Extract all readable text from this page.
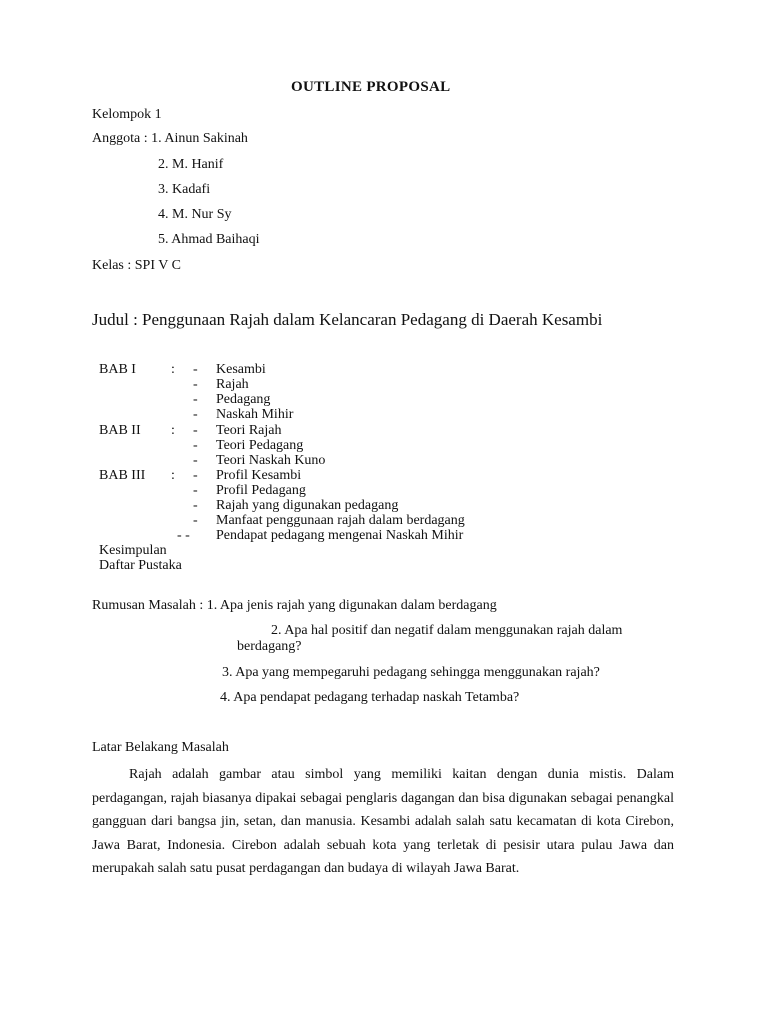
OUTLINE PROPOSAL
Kelompok 1
Anggota : 1. Ainun Sakinah
2. M. Hanif
3. Kadafi
4. M. Nur Sy
5. Ahmad Baihaqi
Kelas : SPI V C
Judul : Penggunaan Rajah dalam Kelancaran Pedagang di Daerah Kesambi
BAB I
BAB II
BAB III
:
:
:
-
-
-
-
-
-
-
-
-
-
-
- -
Kesambi
Rajah
Pedagang
Naskah Mihir
Teori Rajah
Teori Pedagang
Teori Naskah Kuno
Profil Kesambi
Profil Pedagang
Rajah yang digunakan pedagang
Manfaat penggunaan rajah dalam berdagang
Pendapat pedagang mengenai Naskah Mihir
Kesimpulan
Daftar Pustaka
Rumusan Masalah : 1. Apa jenis rajah yang digunakan dalam berdagang
2. Apa hal positif dan negatif dalam menggunakan rajah dalam
berdagang?
3. Apa yang mempegaruhi pedagang sehingga menggunakan rajah?
4. Apa pendapat pedagang terhadap naskah Tetamba?
Latar Belakang Masalah
Rajah adalah gambar atau simbol yang memiliki kaitan dengan dunia mistis. Dalam perdagangan, rajah biasanya dipakai sebagai penglaris dagangan dan bisa digunakan sebagai penangkal gangguan dari bangsa jin, setan, dan manusia. Kesambi adalah salah satu kecamatan di kota Cirebon, Jawa Barat, Indonesia. Cirebon adalah sebuah kota yang terletak di pesisir utara pulau Jawa dan merupakah salah satu pusat perdagangan dan budaya di wilayah Jawa Barat.
